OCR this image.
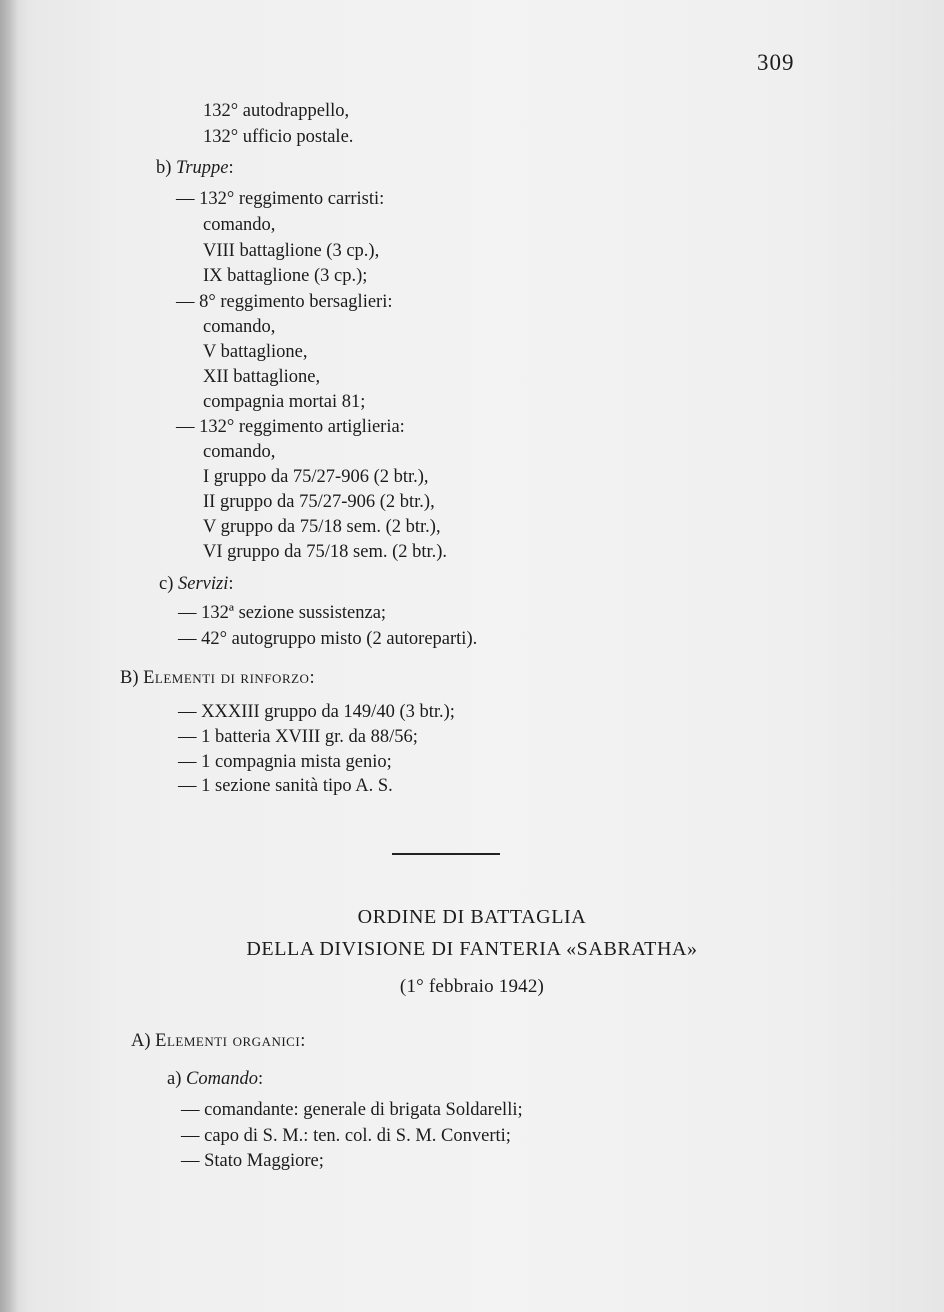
309
132° autodrappello,
132° ufficio postale.
b) Truppe:
— 132° reggimento carristi:
comando,
VIII battaglione (3 cp.),
IX battaglione (3 cp.);
— 8° reggimento bersaglieri:
comando,
V battaglione,
XII battaglione,
compagnia mortai 81;
— 132° reggimento artiglieria:
comando,
I gruppo da 75/27-906 (2 btr.),
II gruppo da 75/27-906 (2 btr.),
V gruppo da 75/18 sem. (2 btr.),
VI gruppo da 75/18 sem. (2 btr.).
c) Servizi:
— 132ª sezione sussistenza;
— 42° autogruppo misto (2 autoreparti).
B) Elementi di rinforzo:
— XXXIII gruppo da 149/40 (3 btr.);
— 1 batteria XVIII gr. da 88/56;
— 1 compagnia mista genio;
— 1 sezione sanità tipo A. S.
ORDINE DI BATTAGLIA
DELLA DIVISIONE DI FANTERIA «SABRATHA»
(1° febbraio 1942)
A) Elementi organici:
a) Comando:
— comandante: generale di brigata Soldarelli;
— capo di S. M.: ten. col. di S. M. Converti;
— Stato Maggiore;
